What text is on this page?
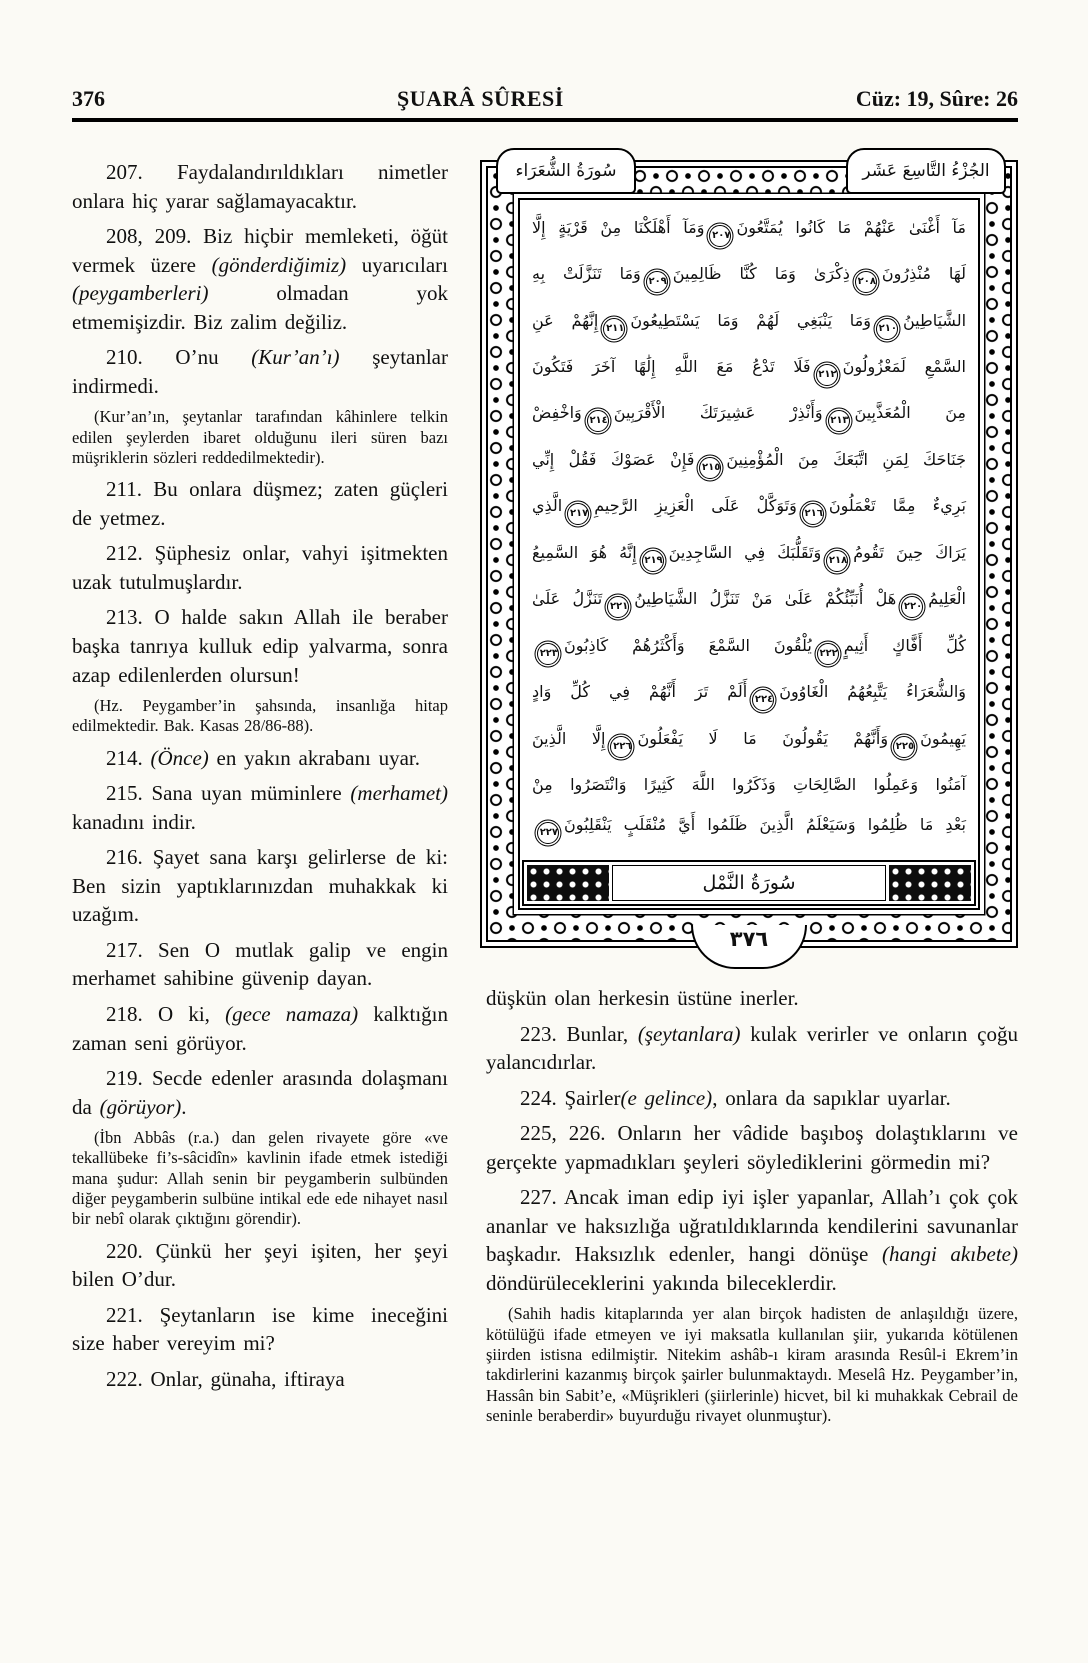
376	ŞUARÂ SÛRESİ	Cüz: 19, Sûre: 26

207. Faydalandırıldıkları nimetler onlara hiç yarar sağlamayacaktır.

208, 209. Biz hiçbir memleketi, öğüt vermek üzere (gönderdiğimiz) uyarıcıları (peygamberleri) olmadan yok etmemişizdir. Biz zalim değiliz.

210. O’nu (Kur’an’ı) şeytanlar indirmedi.

(Kur’an’ın, şeytanlar tarafından kâhinlere telkin edilen şeylerden ibaret olduğunu ileri süren bazı müşriklerin sözleri reddedilmektedir).

211. Bu onlara düşmez; zaten güçleri de yetmez.

212. Şüphesiz onlar, vahyi işitmekten uzak tutulmuşlardır.

213. O halde sakın Allah ile beraber başka tanrıya kulluk edip yalvarma, sonra azap edilenlerden olursun!

(Hz. Peygamber’in şahsında, insanlığa hitap edilmektedir. Bak. Kasas 28/86-88).

214. (Önce) en yakın akrabanı uyar.

215. Sana uyan müminlere (merhamet) kanadını indir.

216. Şayet sana karşı gelirlerse de ki: Ben sizin yaptıklarınızdan muhakkak ki uzağım.

217. Sen O mutlak galip ve engin merhamet sahibine güvenip dayan.

218. O ki, (gece namaza) kalktığın zaman seni görüyor.

219. Secde edenler arasında dolaşmanı da (görüyor).

(İbn Abbâs (r.a.) dan gelen rivayete göre «ve tekallübeke fi’s-sâcidîn» kavlinin ifade etmek istediği mana şudur: Allah senin bir peygamberin sulbünden diğer peygamberin sulbüne intikal ede ede nihayet nasıl bir nebî olarak çıktığını görendir).

220. Çünkü her şeyi işiten, her şeyi bilen O’dur.

221. Şeytanların ise kime ineceğini size haber vereyim mi?

222. Onlar, günaha, iftiraya

سُورَةُ الشُّعَرَاء	الجُزْءُ التَّاسِعَ عَشَر
مَآ أَغْنَىٰ عَنْهُمْ مَا كَانُوا يُمَتَّعُونَ٢٠٧وَمَآ أَهْلَكْنَا مِنْ قَرْيَةٍ إِلَّا
لَهَا مُنْذِرُونَ٢٠٨ذِكْرَىٰ وَمَا كُنَّا ظَالِمِينَ٢٠٩وَمَا تَنَزَّلَتْ بِهِ
الشَّيَاطِينُ٢١٠وَمَا يَنْبَغِي لَهُمْ وَمَا يَسْتَطِيعُونَ٢١١إِنَّهُمْ عَنِ
السَّمْعِ لَمَعْزُولُونَ٢١٢فَلَا تَدْعُ مَعَ اللَّهِ إِلَٰهًا آخَرَ فَتَكُونَ
مِنَ الْمُعَذَّبِينَ٢١٣وَأَنْذِرْ عَشِيرَتَكَ الْأَقْرَبِينَ٢١٤وَاخْفِضْ
جَنَاحَكَ لِمَنِ اتَّبَعَكَ مِنَ الْمُؤْمِنِينَ٢١٥فَإِنْ عَصَوْكَ فَقُلْ إِنِّي
بَرِيءٌ مِمَّا تَعْمَلُونَ٢١٦وَتَوَكَّلْ عَلَى الْعَزِيزِ الرَّحِيمِ٢١٧الَّذِي
يَرَاكَ حِينَ تَقُومُ٢١٨وَتَقَلُّبَكَ فِي السَّاجِدِينَ٢١٩إِنَّهُ هُوَ السَّمِيعُ
الْعَلِيمُ٢٢٠هَلْ أُنَبِّئُكُمْ عَلَىٰ مَنْ تَنَزَّلُ الشَّيَاطِينُ٢٢١تَنَزَّلُ عَلَىٰ
كُلِّ أَفَّاكٍ أَثِيمٍ٢٢٢يُلْقُونَ السَّمْعَ وَأَكْثَرُهُمْ كَاذِبُونَ٢٢٣
وَالشُّعَرَاءُ يَتَّبِعُهُمُ الْغَاوُونَ٢٢٤أَلَمْ تَرَ أَنَّهُمْ فِي كُلِّ وَادٍ
يَهِيمُونَ٢٢٥وَأَنَّهُمْ يَقُولُونَ مَا لَا يَفْعَلُونَ٢٢٦إِلَّا الَّذِينَ
آمَنُوا وَعَمِلُوا الصَّالِحَاتِ وَذَكَرُوا اللَّهَ كَثِيرًا وَانْتَصَرُوا مِنْ
بَعْدِ مَا ظُلِمُوا وَسَيَعْلَمُ الَّذِينَ ظَلَمُوا أَيَّ مُنْقَلَبٍ يَنْقَلِبُونَ٢٢٧
سُورَةُ النَّمْل
٣٧٦

düşkün olan herkesin üstüne inerler.

223. Bunlar, (şeytanlara) kulak verirler ve onların çoğu yalancıdırlar.

224. Şairler(e gelince), onlara da sapıklar uyarlar.

225, 226. Onların her vâdide başıboş dolaştıklarını ve gerçekte yapmadıkları şeyleri söylediklerini görmedin mi?

227. Ancak iman edip iyi işler yapanlar, Allah’ı çok çok ananlar ve haksızlığa uğratıldıklarında kendilerini savunanlar başkadır. Haksızlık edenler, hangi dönüşe (hangi akıbete) döndürüleceklerini yakında bileceklerdir.

(Sahih hadis kitaplarında yer alan birçok hadisten de anlaşıldığı üzere, kötülüğü ifade etmeyen ve iyi maksatla kullanılan şiir, yukarıda kötülenen şiirden istisna edilmiştir. Nitekim ashâb-ı kiram arasında Resûl-i Ekrem’in takdirlerini kazanmış birçok şairler bulunmaktaydı. Meselâ Hz. Peygamber’in, Hassân bin Sabit’e, «Müşrikleri (şiirlerinle) hicvet, bil ki muhakkak Cebrail de seninle beraberdir» buyurduğu rivayet olunmuştur).
